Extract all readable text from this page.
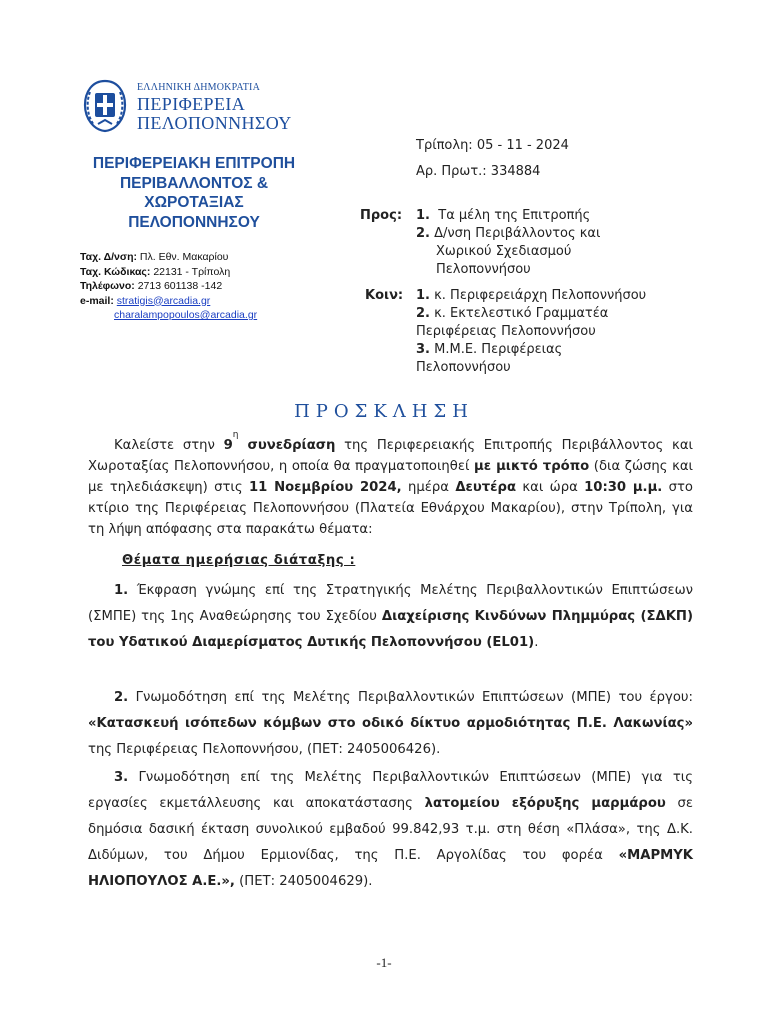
ΕΛΛΗΝΙΚΗ ΔΗΜΟΚΡΑΤΙΑ
ΠΕΡΙΦΕΡΕΙΑ
ΠΕΛΟΠΟΝΝΗΣΟΥ
ΠΕΡΙΦΕΡΕΙΑΚΗ ΕΠΙΤΡΟΠΗ
ΠΕΡΙΒΑΛΛΟΝΤΟΣ &
ΧΩΡΟΤΑΞΙΑΣ
ΠΕΛΟΠΟΝΝΗΣΟΥ
Ταχ. Δ/νση: Πλ. Εθν. Μακαρίου
Ταχ. Κώδικας: 22131 - Τρίπολη
Τηλέφωνο: 2713 601138 -142
e-mail: stratigis@arcadia.gr
charalampopoulos@arcadia.gr
Τρίπολη: 05 - 11 - 2024
Αρ. Πρωτ.: 334884
Προς: 1. Τα μέλη της Επιτροπής
2. Δ/νση Περιβάλλοντος και
Χωρικού Σχεδιασμού
Πελοποννήσου
Κοιν: 1. κ. Περιφερειάρχη Πελοποννήσου
2. κ. Εκτελεστικό Γραμματέα
Περιφέρειας Πελοποννήσου
3. Μ.Μ.Ε. Περιφέρειας
Πελοποννήσου
ΠΡΟΣΚΛΗΣΗ
Καλείστε στην $9^\eta$ συνεδρίαση της Περιφερειακής Επιτροπής Περιβάλλοντος και Χωροταξίας Πελοποννήσου, η οποία θα πραγματοποιηθεί με μικτό τρόπο (δια ζώσης και με τηλεδιάσκεψη) στις 11 Νοεμβρίου 2024, ημέρα Δευτέρα και ώρα 10:30 μ.μ. στο κτίριο της Περιφέρειας Πελοποννήσου (Πλατεία Εθνάρχου Μακαρίου), στην Τρίπολη, για τη λήψη απόφασης στα παρακάτω θέματα:
Θέματα ημερήσιας διάταξης :
1. Έκφραση γνώμης επί της Στρατηγικής Μελέτης Περιβαλλοντικών Επιπτώσεων (ΣΜΠΕ) της 1ης Αναθεώρησης του Σχεδίου Διαχείρισης Κινδύνων Πλημμύρας (ΣΔΚΠ) του Υδατικού Διαμερίσματος Δυτικής Πελοποννήσου (EL01).
2. Γνωμοδότηση επί της Μελέτης Περιβαλλοντικών Επιπτώσεων (ΜΠΕ) του έργου: «Κατασκευή ισόπεδων κόμβων στο οδικό δίκτυο αρμοδιότητας Π.Ε. Λακωνίας» της Περιφέρειας Πελοποννήσου, (ΠΕΤ: 2405006426).
3. Γνωμοδότηση επί της Μελέτης Περιβαλλοντικών Επιπτώσεων (ΜΠΕ) για τις εργασίες εκμετάλλευσης και αποκατάστασης λατομείου εξόρυξης μαρμάρου σε δημόσια δασική έκταση συνολικού εμβαδού 99.842,93 τ.μ. στη θέση «Πλάσα», της Δ.Κ. Διδύμων, του Δήμου Ερμιονίδας, της Π.Ε. Αργολίδας του φορέα «ΜΑΡΜΥΚ ΗΛΙΟΠΟΥΛΟΣ Α.Ε.», (ΠΕΤ: 2405004629).
-1-
